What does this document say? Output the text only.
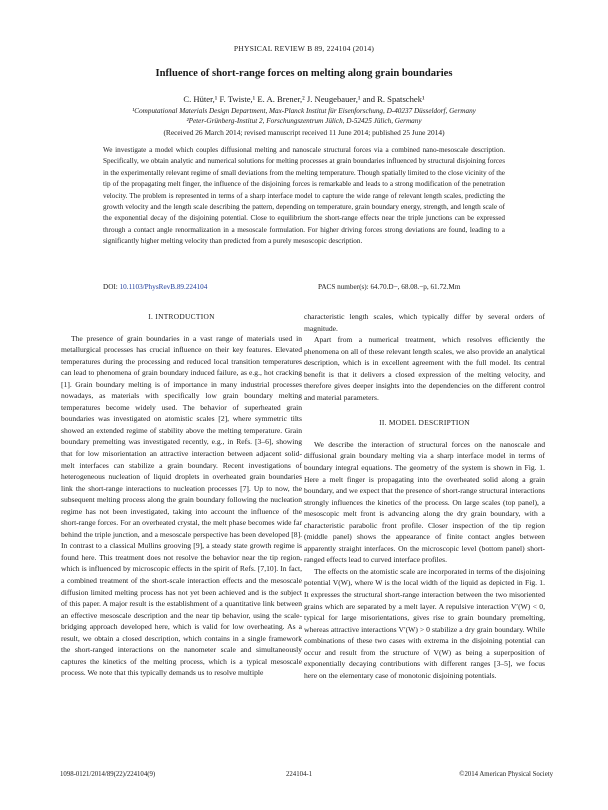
PHYSICAL REVIEW B 89, 224104 (2014)
Influence of short-range forces on melting along grain boundaries
C. Hüter,¹ F. Twiste,¹ E. A. Brener,² J. Neugebauer,¹ and R. Spatschek¹
¹Computational Materials Design Department, Max-Planck Institut für Eisenforschung, D-40237 Düsseldorf, Germany
²Peter-Grünberg-Institut 2, Forschungszentrum Jülich, D-52425 Jülich, Germany
(Received 26 March 2014; revised manuscript received 11 June 2014; published 25 June 2014)

We investigate a model which couples diffusional melting and nanoscale structural forces via a combined nano-mesoscale description. Specifically, we obtain analytic and numerical solutions for melting processes at grain boundaries influenced by structural disjoining forces in the experimentally relevant regime of small deviations from the melting temperature. Though spatially limited to the close vicinity of the tip of the propagating melt finger, the influence of the disjoining forces is remarkable and leads to a strong modification of the penetration velocity. The problem is represented in terms of a sharp interface model to capture the wide range of relevant length scales, predicting the growth velocity and the length scale describing the pattern, depending on temperature, grain boundary energy, strength, and length scale of the exponential decay of the disjoining potential. Close to equilibrium the short-range effects near the triple junctions can be expressed through a contact angle renormalization in a mesoscale formulation. For higher driving forces strong deviations are found, leading to a significantly higher melting velocity than predicted from a purely mesoscopic description.

DOI: 10.1103/PhysRevB.89.224104	PACS number(s): 64.70.D−, 68.08.−p, 61.72.Mm
I. INTRODUCTION

The presence of grain boundaries in a vast range of materials used in metallurgical processes has crucial influence on their key features. Elevated temperatures during the processing and reduced local transition temperatures can lead to phenomena of grain boundary induced failure, as e.g., hot cracking [1]. Grain boundary melting is of importance in many industrial processes nowadays, as materials with specifically low grain boundary melting temperatures become widely used. The behavior of superheated grain boundaries was investigated on atomistic scales [2], where symmetric tilts showed an extended regime of stability above the melting temperature. Grain boundary premelting was investigated recently, e.g., in Refs. [3–6], showing that for low misorientation an attractive interaction between adjacent solid-melt interfaces can stabilize a grain boundary. Recent investigations of heterogeneous nucleation of liquid droplets in overheated grain boundaries link the short-range interactions to nucleation processes [7]. Up to now, the subsequent melting process along the grain boundary following the nucleation regime has not been investigated, taking into account the influence of the short-range forces. For an overheated crystal, the melt phase becomes wide far behind the triple junction, and a mesoscale perspective has been developed [8]. In contrast to a classical Mullins grooving [9], a steady state growth regime is found here. This treatment does not resolve the behavior near the tip region, which is influenced by microscopic effects in the spirit of Refs. [7,10]. In fact, a combined treatment of the short-scale interaction effects and the mesoscale diffusion limited melting process has not yet been achieved and is the subject of this paper. A major result is the establishment of a quantitative link between an effective mesoscale description and the near tip behavior, using the scale-bridging approach developed here, which is valid for low overheating. As a result, we obtain a closed description, which contains in a single framework the short-ranged interactions on the nanometer scale and simultaneously captures the kinetics of the melting process, which is a typical mesoscale process. We note that this typically demands us to resolve multiple

characteristic length scales, which typically differ by several orders of magnitude.

Apart from a numerical treatment, which resolves efficiently the phenomena on all of these relevant length scales, we also provide an analytical description, which is in excellent agreement with the full model. Its central benefit is that it delivers a closed expression of the melting velocity, and therefore gives deeper insights into the dependencies on the different control and material parameters.

II. MODEL DESCRIPTION

We describe the interaction of structural forces on the nanoscale and diffusional grain boundary melting via a sharp interface model in terms of boundary integral equations. The geometry of the system is shown in Fig. 1. Here a melt finger is propagating into the overheated solid along a grain boundary, and we expect that the presence of short-range structural interactions strongly influences the kinetics of the process. On large scales (top panel), a mesoscopic melt front is advancing along the dry grain boundary, with a characteristic parabolic front profile. Closer inspection of the tip region (middle panel) shows the appearance of finite contact angles between apparently straight interfaces. On the microscopic level (bottom panel) short-ranged effects lead to curved interface profiles.

The effects on the atomistic scale are incorporated in terms of the disjoining potential V(W), where W is the local width of the liquid as depicted in Fig. 1. It expresses the structural short-range interaction between the two misoriented grains which are separated by a melt layer. A repulsive interaction V′(W) < 0, typical for large misorientations, gives rise to grain boundary premelting, whereas attractive interactions V′(W) > 0 stabilize a dry grain boundary. While combinations of these two cases with extrema in the disjoining potential can occur and result from the structure of V(W) as being a superposition of exponentially decaying contributions with different ranges [3–5], we focus here on the elementary case of monotonic disjoining potentials.

1098-0121/2014/89(22)/224104(9)	224104-1	©2014 American Physical Society
